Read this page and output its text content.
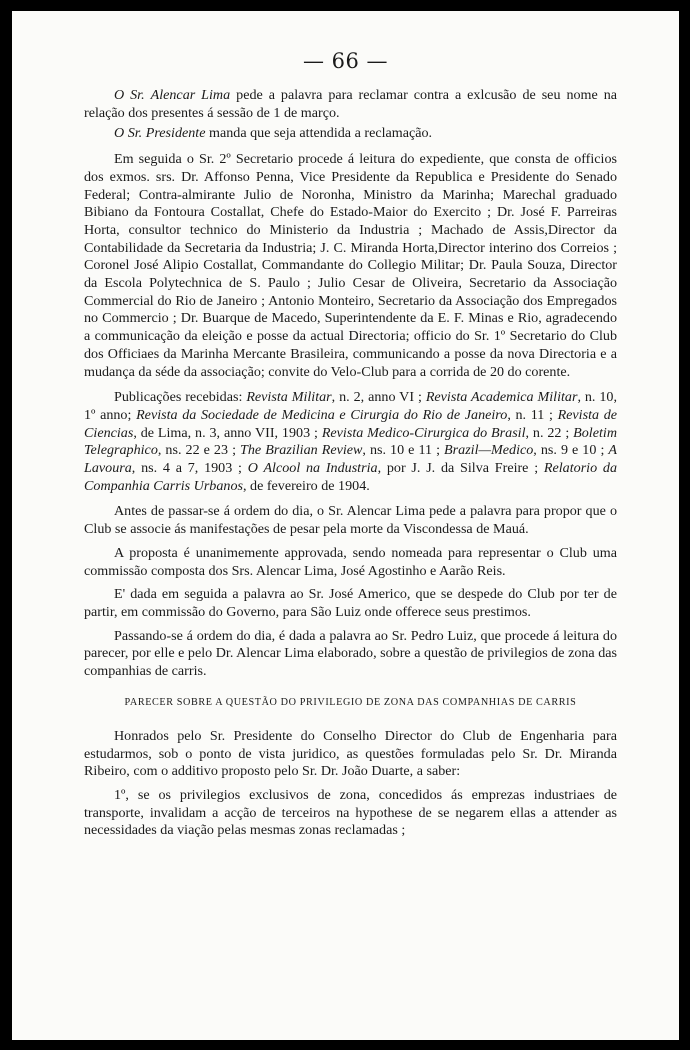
— 66 —

O Sr. Alencar Lima pede a palavra para reclamar contra a exlcusão de seu nome na relação dos presentes á sessão de 1 de março.

O Sr. Presidente manda que seja attendida a reclamação.

Em seguida o Sr. 2º Secretario procede á leitura do expediente, que consta de officios dos exmos. srs. Dr. Affonso Penna, Vice Presidente da Republica e Presidente do Senado Federal; Contra-almirante Julio de Noronha, Ministro da Marinha; Marechal graduado Bibiano da Fontoura Costallat, Chefe do Estado-Maior do Exercito ; Dr. José F. Parreiras Horta, consultor technico do Ministerio da Industria ; Machado de Assis,Director da Contabilidade da Secretaria da Industria; J. C. Miranda Horta,Director interino dos Correios ; Coronel José Alipio Costallat, Commandante do Collegio Militar; Dr. Paula Souza, Director da Escola Polytechnica de S. Paulo ; Julio Cesar de Oliveira, Secretario da Associação Commercial do Rio de Janeiro ; Antonio Monteiro, Secretario da Associação dos Empregados no Commercio ; Dr. Buarque de Macedo, Superintendente da E. F. Minas e Rio, agradecendo a communicação da eleição e posse da actual Directoria; officio do Sr. 1º Secretario do Club dos Officiaes da Marinha Mercante Brasileira, communicando a posse da nova Directoria e a mudança da séde da associação; convite do Velo-Club para a corrida de 20 do corente.

Publicações recebidas: Revista Militar, n. 2, anno VI ; Revista Academica Militar, n. 10, 1º anno; Revista da Sociedade de Medicina e Cirurgia do Rio de Janeiro, n. 11 ; Revista de Ciencias, de Lima, n. 3, anno VII, 1903 ; Revista Medico-Cirurgica do Brasil, n. 22 ; Boletim Telegraphico, ns. 22 e 23 ; The Brazilian Review, ns. 10 e 11 ; Brazil—Medico, ns. 9 e 10 ; A Lavoura, ns. 4 a 7, 1903 ; O Alcool na Industria, por J. J. da Silva Freire ; Relatorio da Companhia Carris Urbanos, de fevereiro de 1904.

Antes de passar-se á ordem do dia, o Sr. Alencar Lima pede a palavra para propor que o Club se associe ás manifestações de pesar pela morte da Viscondessa de Mauá.

A proposta é unanimemente approvada, sendo nomeada para representar o Club uma commissão composta dos Srs. Alencar Lima, José Agostinho e Aarão Reis.

E' dada em seguida a palavra ao Sr. José Americo, que se despede do Club por ter de partir, em commissão do Governo, para São Luiz onde offerece seus prestimos.

Passando-se á ordem do dia, é dada a palavra ao Sr. Pedro Luiz, que procede á leitura do parecer, por elle e pelo Dr. Alencar Lima elaborado, sobre a questão de privilegios de zona das companhias de carris.

PARECER SOBRE A QUESTÃO DO PRIVILEGIO DE ZONA DAS COMPANHIAS DE CARRIS

Honrados pelo Sr. Presidente do Conselho Director do Club de Engenharia para estudarmos, sob o ponto de vista juridico, as questões formuladas pelo Sr. Dr. Miranda Ribeiro, com o additivo proposto pelo Sr. Dr. João Duarte, a saber:

1º, se os privilegios exclusivos de zona, concedidos ás emprezas industriaes de transporte, invalidam a acção de terceiros na hypothese de se negarem ellas a attender as necessidades da viação pelas mesmas zonas reclamadas ;
